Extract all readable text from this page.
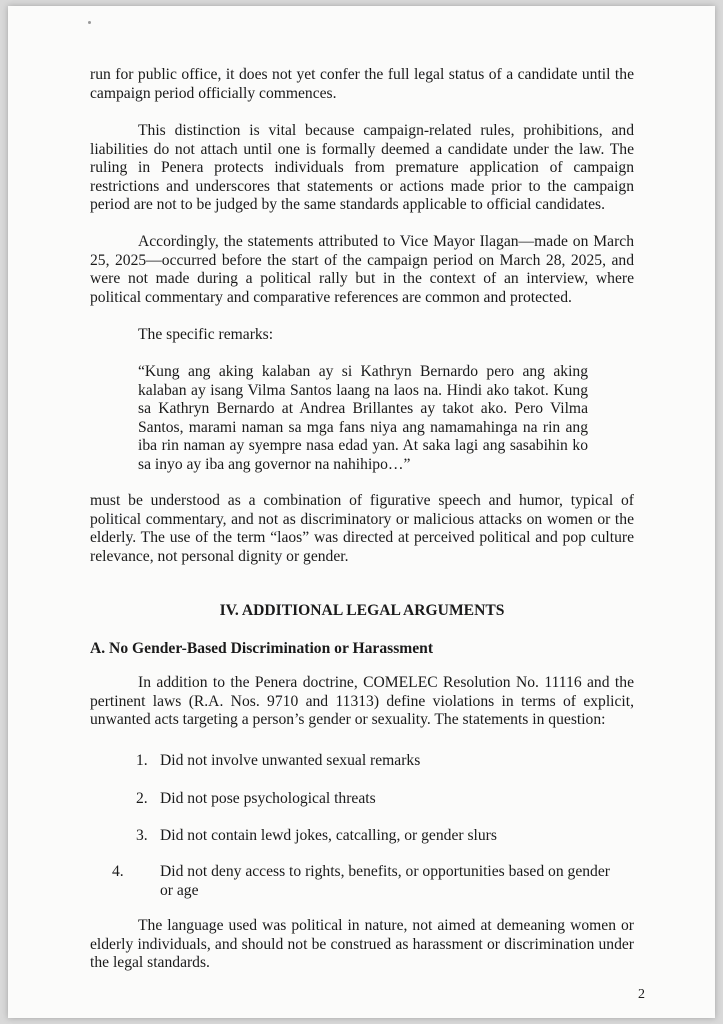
run for public office, it does not yet confer the full legal status of a candidate until the campaign period officially commences.

This distinction is vital because campaign-related rules, prohibitions, and liabilities do not attach until one is formally deemed a candidate under the law. The ruling in Penera protects individuals from premature application of campaign restrictions and underscores that statements or actions made prior to the campaign period are not to be judged by the same standards applicable to official candidates.

Accordingly, the statements attributed to Vice Mayor Ilagan—made on March 25, 2025—occurred before the start of the campaign period on March 28, 2025, and were not made during a political rally but in the context of an interview, where political commentary and comparative references are common and protected.

The specific remarks:

“Kung ang aking kalaban ay si Kathryn Bernardo pero ang aking kalaban ay isang Vilma Santos laang na laos na. Hindi ako takot. Kung sa Kathryn Bernardo at Andrea Brillantes ay takot ako. Pero Vilma Santos, marami naman sa mga fans niya ang namamahinga na rin ang iba rin naman ay syempre nasa edad yan. At saka lagi ang sasabihin ko sa inyo ay iba ang governor na nahihipo…”

must be understood as a combination of figurative speech and humor, typical of political commentary, and not as discriminatory or malicious attacks on women or the elderly. The use of the term “laos” was directed at perceived political and pop culture relevance, not personal dignity or gender.

IV. ADDITIONAL LEGAL ARGUMENTS
A. No Gender-Based Discrimination or Harassment

In addition to the Penera doctrine, COMELEC Resolution No. 11116 and the pertinent laws (R.A. Nos. 9710 and 11313) define violations in terms of explicit, unwanted acts targeting a person’s gender or sexuality. The statements in question:

1. Did not involve unwanted sexual remarks
2. Did not pose psychological threats
3. Did not contain lewd jokes, catcalling, or gender slurs
4. Did not deny access to rights, benefits, or opportunities based on gender or age

The language used was political in nature, not aimed at demeaning women or elderly individuals, and should not be construed as harassment or discrimination under the legal standards.

2
